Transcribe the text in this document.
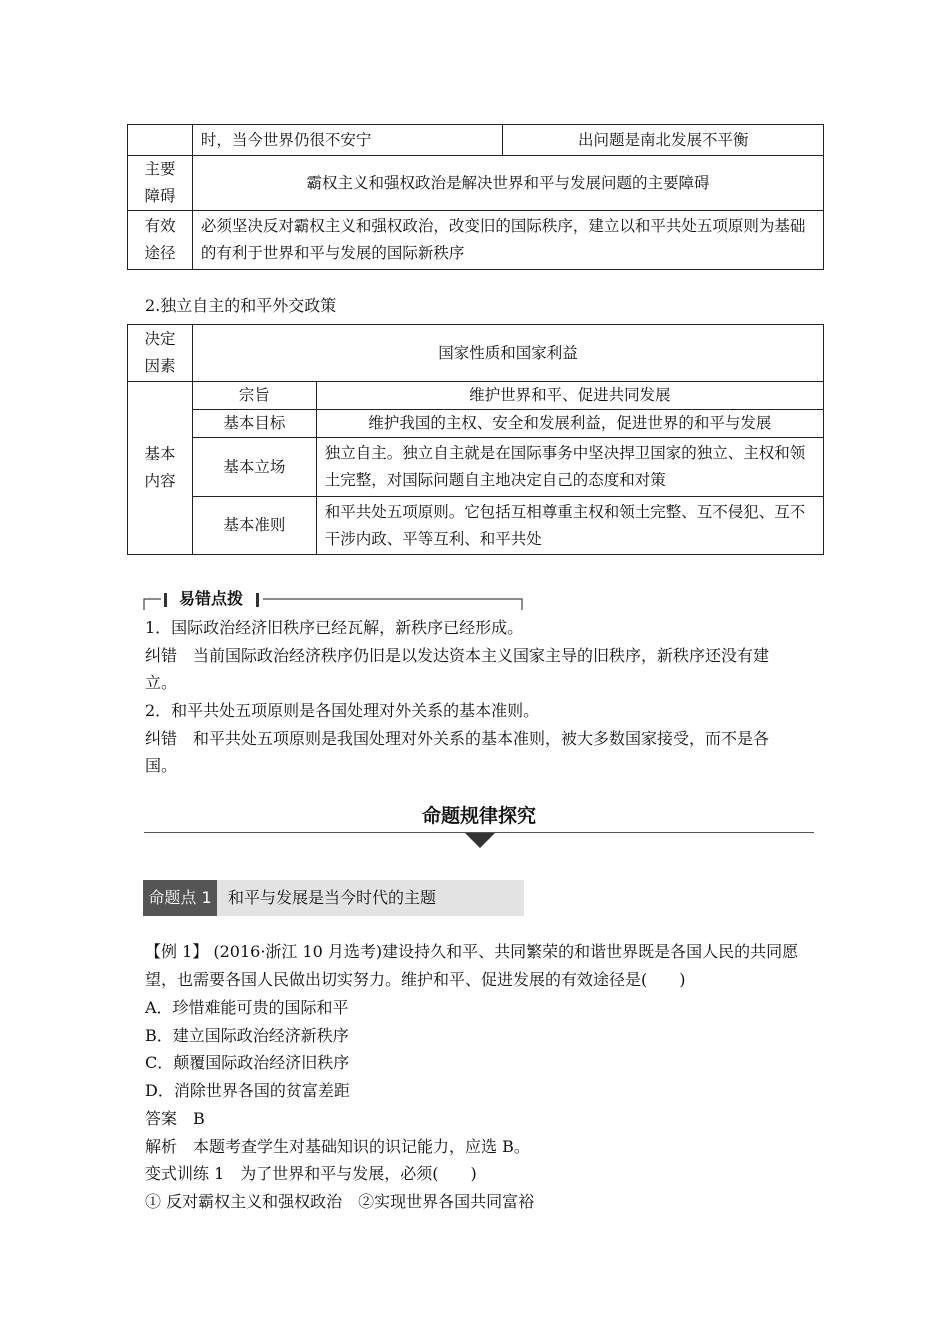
	时，当今世界仍很不安宁	出问题是南北发展不平衡
主要
障碍	霸权主义和强权政治是解决世界和平与发展问题的主要障碍	
有效
途径	必须坚决反对霸权主义和强权政治，改变旧的国际秩序，建立以和平共处五项原则为基础的有利于世界和平与发展的国际新秩序	
2.独立自主的和平外交政策
决定
因素	国家性质和国家利益	
基本
内容	宗旨	维护世界和平、促进共同发展
	基本目标	维护我国的主权、安全和发展利益，促进世界的和平与发展
	基本立场	独立自主。独立自主就是在国际事务中坚决捍卫国家的独立、主权和领土完整，对国际问题自主地决定自己的态度和对策
	基本准则	和平共处五项原则。它包括互相尊重主权和领土完整、互不侵犯、互不干涉内政、平等互利、和平共处
易错点拨
1．国际政治经济旧秩序已经瓦解，新秩序已经形成。
纠错　当前国际政治经济秩序仍旧是以发达资本主义国家主导的旧秩序，新秩序还没有建
立。
2．和平共处五项原则是各国处理对外关系的基本准则。
纠错　和平共处五项原则是我国处理对外关系的基本准则，被大多数国家接受，而不是各
国。
命题规律探究
命题点 1	和平与发展是当今时代的主题
【例 1】 (2016·浙江 10 月选考)建设持久和平、共同繁荣的和谐世界既是各国人民的共同愿
望，也需要各国人民做出切实努力。维护和平、促进发展的有效途径是(　　)
A．珍惜难能可贵的国际和平
B．建立国际政治经济新秩序
C．颠覆国际政治经济旧秩序
D．消除世界各国的贫富差距
答案　B
解析　本题考查学生对基础知识的识记能力，应选 B。
变式训练 1　为了世界和平与发展，必须(　　)
① 反对霸权主义和强权政治　②实现世界各国共同富裕
